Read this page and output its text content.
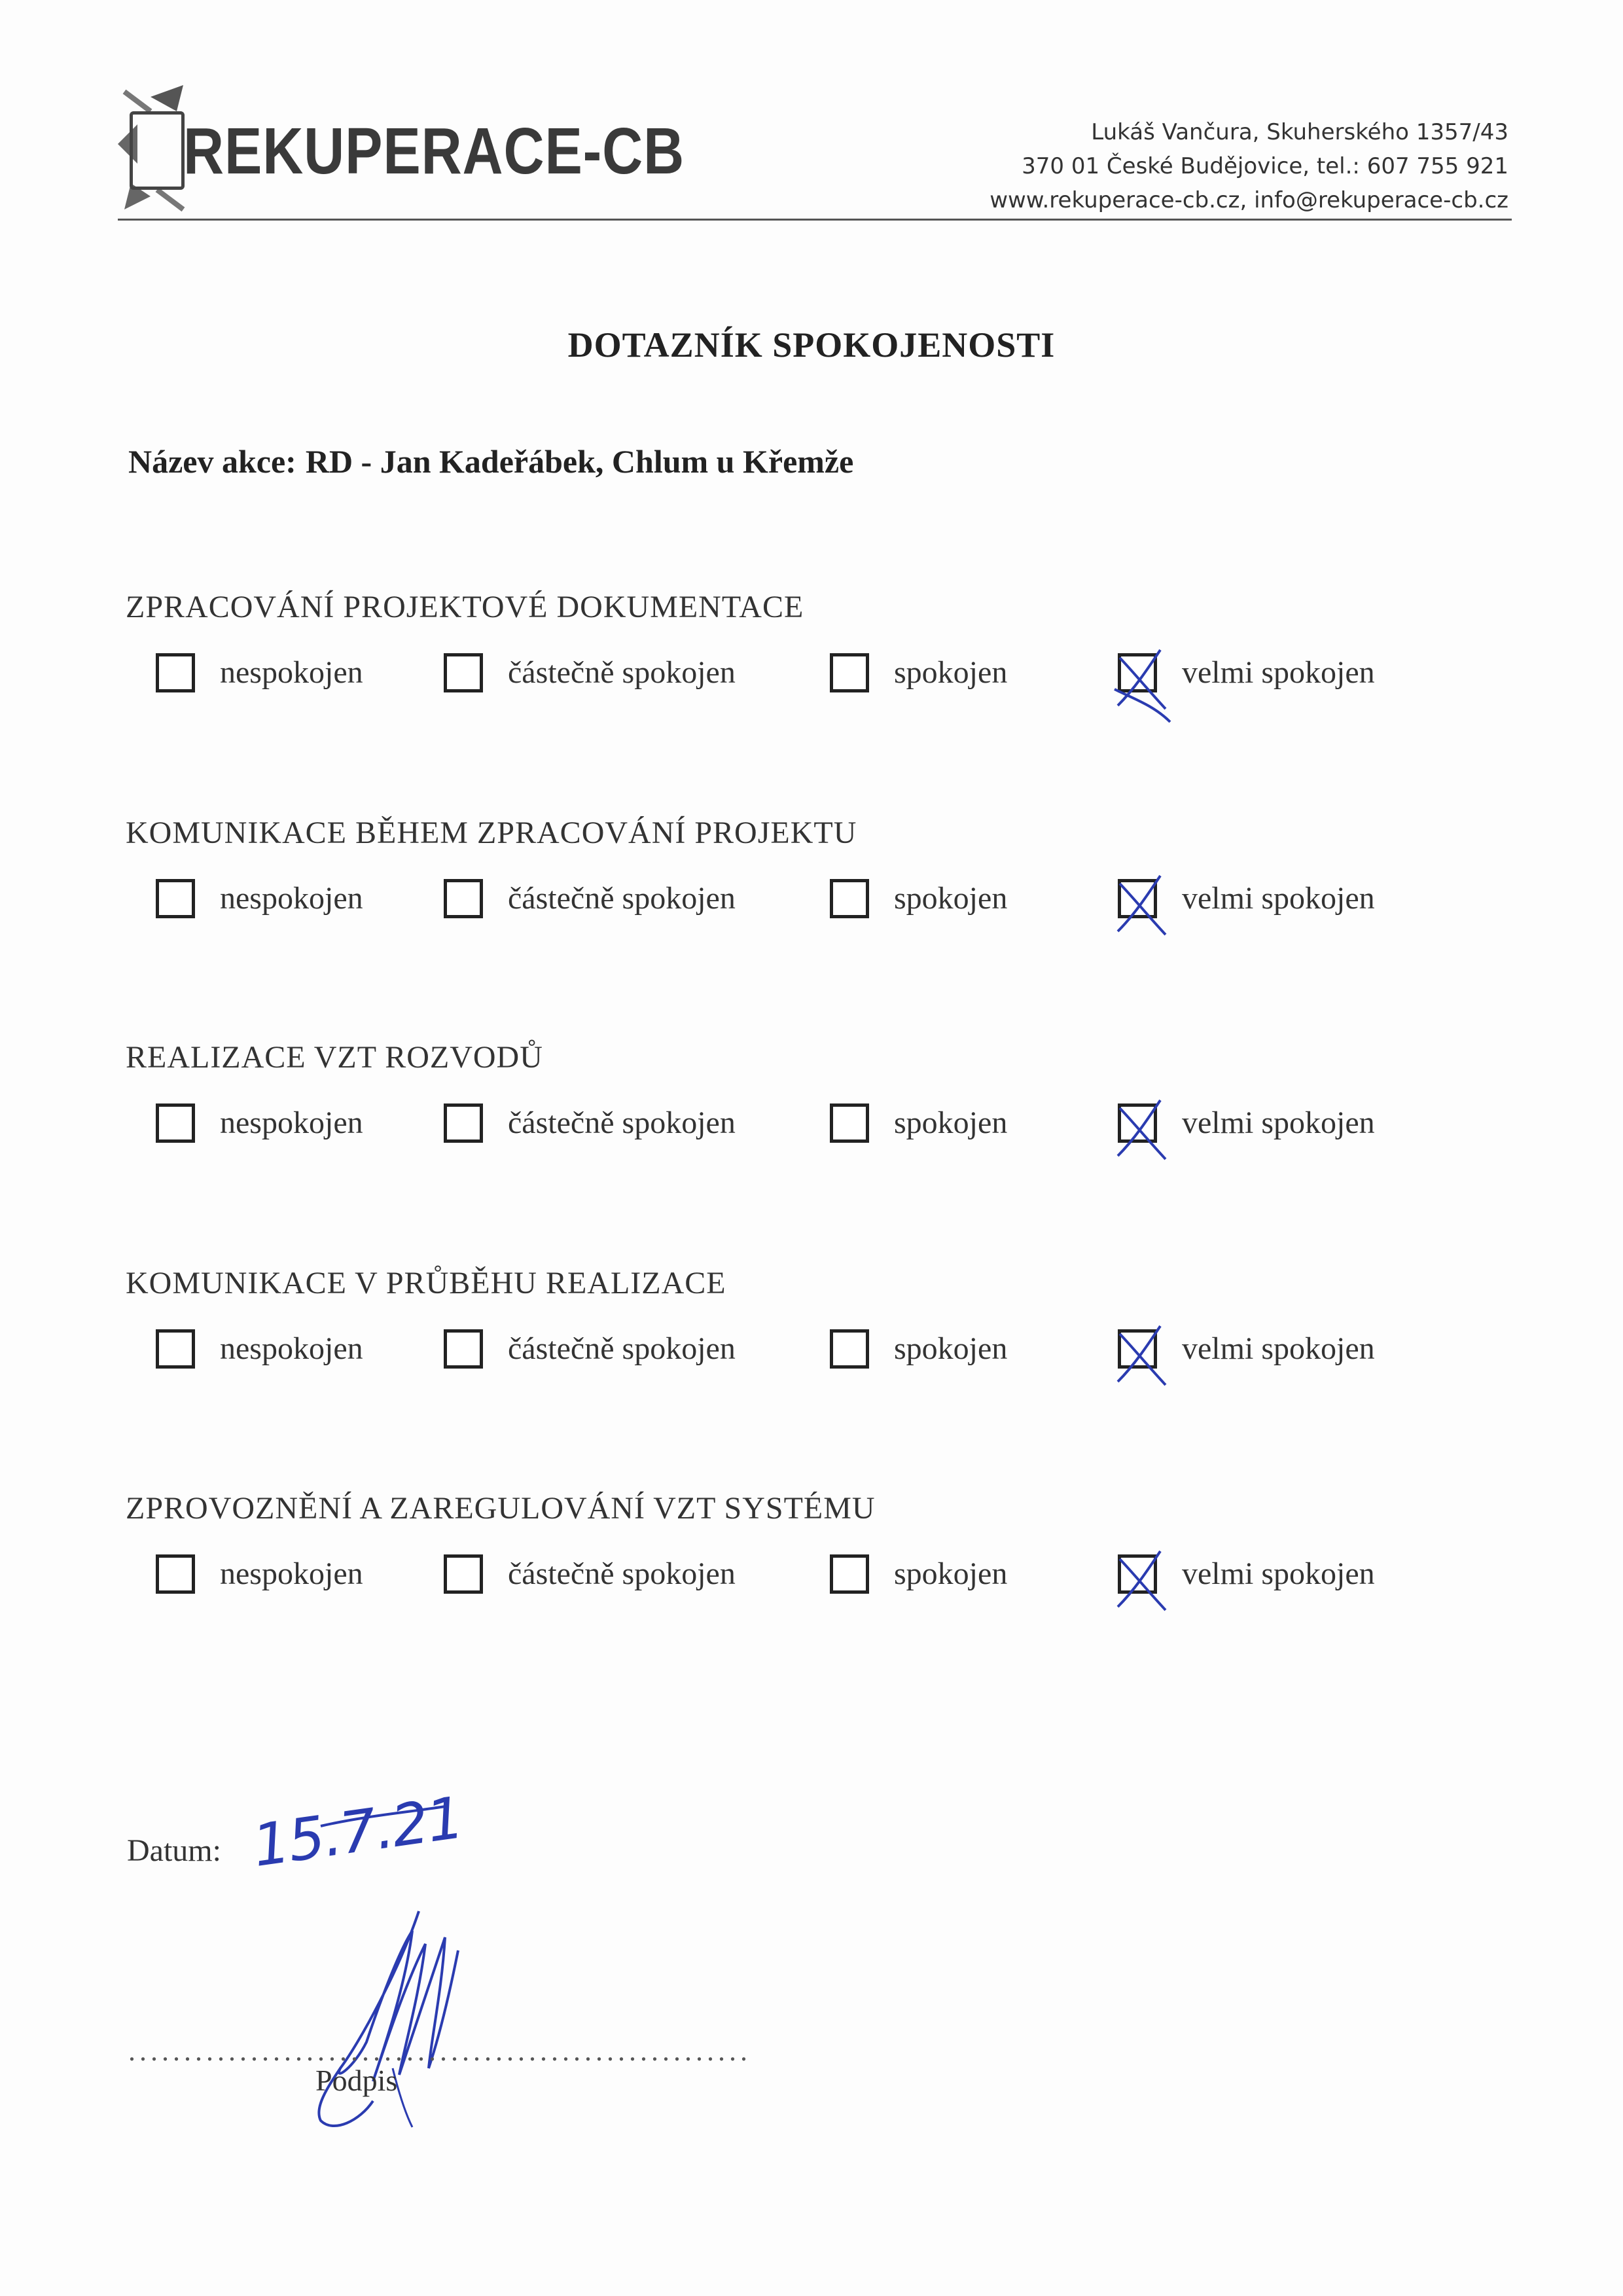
REKUPERACE-CB	Lukáš Vančura, Skuherského 1357/43
370 01 České Budějovice, tel.: 607 755 921
www.rekuperace-cb.cz, info@rekuperace-cb.cz
DOTAZNÍK SPOKOJENOSTI
Název akce: RD - Jan Kadeřábek, Chlum u Křemže
ZPRACOVÁNÍ PROJEKTOVÉ DOKUMENTACE
nespokojen	částečně spokojen	spokojen	velmi spokojen
KOMUNIKACE BĚHEM ZPRACOVÁNÍ PROJEKTU
nespokojen	částečně spokojen	spokojen	velmi spokojen
REALIZACE VZT ROZVODŮ
nespokojen	částečně spokojen	spokojen	velmi spokojen
KOMUNIKACE V PRŮBĚHU REALIZACE
nespokojen	částečně spokojen	spokojen	velmi spokojen
ZPROVOZNĚNÍ A ZAREGULOVÁNÍ VZT SYSTÉMU
nespokojen	částečně spokojen	spokojen	velmi spokojen
Datum: 15.7.21
........................................................
Podpis
